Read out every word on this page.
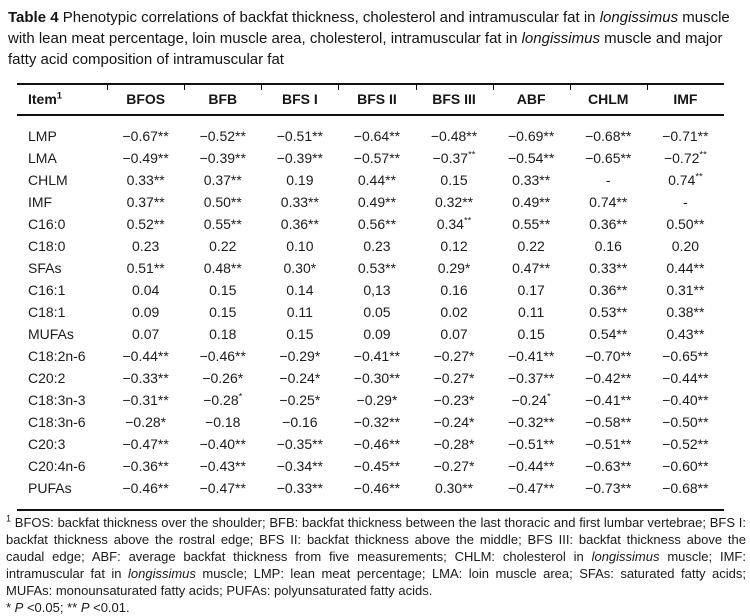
Table 4 Phenotypic correlations of backfat thickness, cholesterol and intramuscular fat in longissimus muscle with lean meat percentage, loin muscle area, cholesterol, intramuscular fat in longissimus muscle and major fatty acid composition of intramuscular fat

Item$^1$	BFOS	BFB	BFS I	BFS II	BFS III	ABF	CHLM	IMF
LMP	−0.67**	−0.52**	−0.51**	−0.64**	−0.48**	−0.69**	−0.68**	−0.71**
LMA	−0.49**	−0.39**	−0.39**	−0.57**	−0.37**	−0.54**	−0.65**	−0.72**
CHLM	0.33**	0.37**	0.19	0.44**	0.15	0.33**	-	0.74**
IMF	0.37**	0.50**	0.33**	0.49**	0.32**	0.49**	0.74**	-
C16:0	0.52**	0.55**	0.36**	0.56**	0.34**	0.55**	0.36**	0.50**
C18:0	0.23	0.22	0.10	0.23	0.12	0.22	0.16	0.20
SFAs	0.51**	0.48**	0.30*	0.53**	0.29*	0.47**	0.33**	0.44**
C16:1	0.04	0.15	0.14	0,13	0.16	0.17	0.36**	0.31**
C18:1	0.09	0.15	0.11	0.05	0.02	0.11	0.53**	0.38**
MUFAs	0.07	0.18	0.15	0.09	0.07	0.15	0.54**	0.43**
C18:2n-6	−0.44**	−0.46**	−0.29*	−0.41**	−0.27*	−0.41**	−0.70**	−0.65**
C20:2	−0.33**	−0.26*	−0.24*	−0.30**	−0.27*	−0.37**	−0.42**	−0.44**
C18:3n-3	−0.31**	−0.28*	−0.25*	−0.29*	−0.23*	−0.24*	−0.41**	−0.40**
C18:3n-6	−0.28*	−0.18	−0.16	−0.32**	−0.24*	−0.32**	−0.58**	−0.50**
C20:3	−0.47**	−0.40**	−0.35**	−0.46**	−0.28*	−0.51**	−0.51**	−0.52**
C20:4n-6	−0.36**	−0.43**	−0.34**	−0.45**	−0.27*	−0.44**	−0.63**	−0.60**
PUFAs	−0.46**	−0.47**	−0.33**	−0.46**	0.30**	−0.47**	−0.73**	−0.68**

$^1$ BFOS: backfat thickness over the shoulder; BFB: backfat thickness between the last thoracic and first lumbar vertebrae; BFS I: backfat thickness above the rostral edge; BFS II: backfat thickness above the middle; BFS III: backfat thickness above the caudal edge; ABF: average backfat thickness from five measurements; CHLM: cholesterol in longissimus muscle; IMF: intramuscular fat in longissimus muscle; LMP: lean meat percentage; LMA: loin muscle area; SFAs: saturated fatty acids; MUFAs: monounsaturated fatty acids; PUFAs: polyunsaturated fatty acids.

* P <0.05; ** P <0.01.
